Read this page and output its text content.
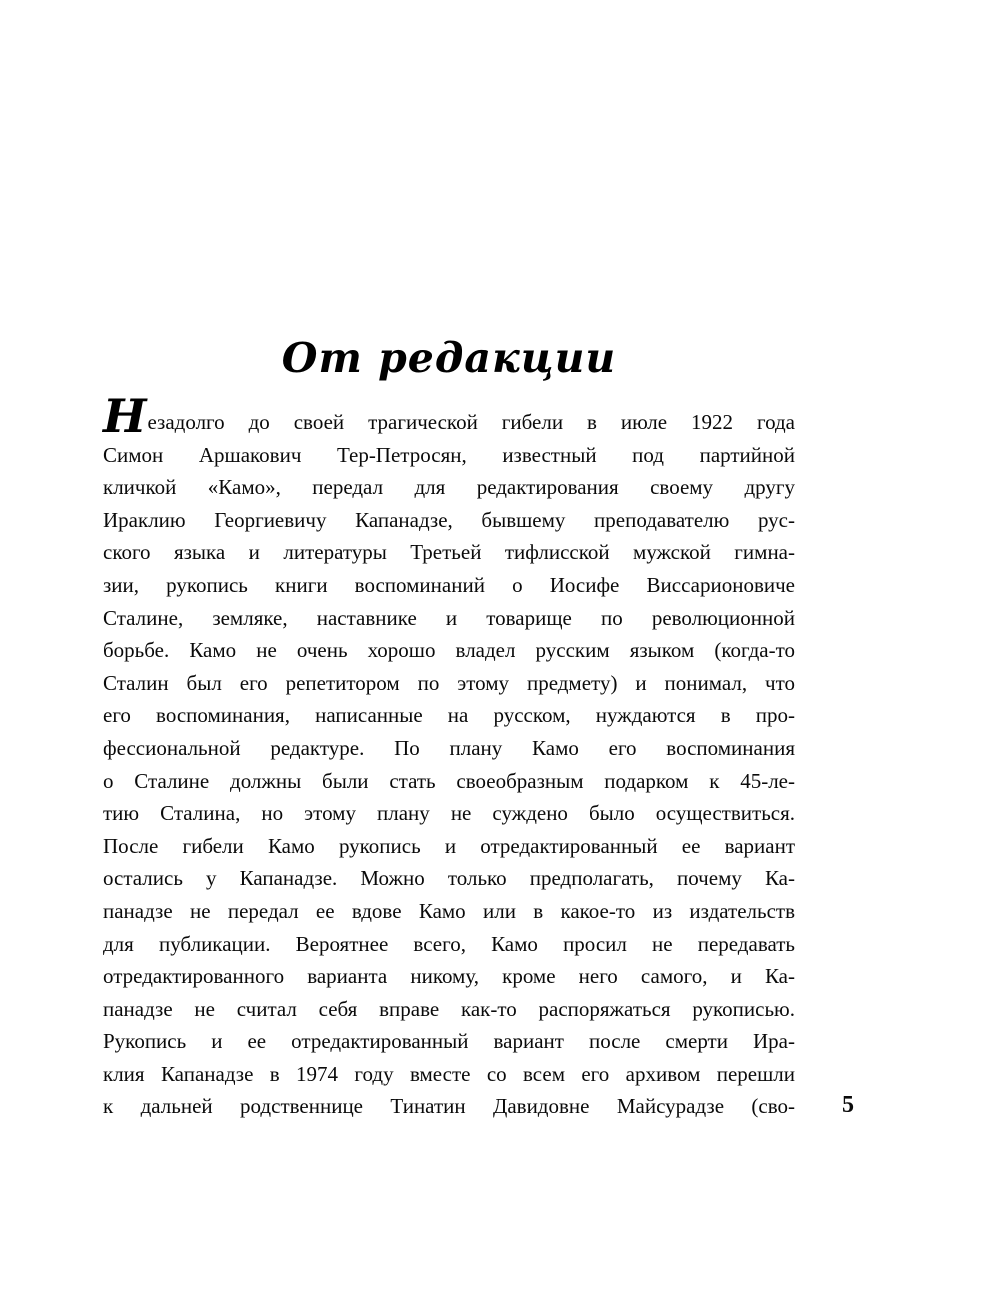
От редакции
Незадолго до своей трагической гибели в июле 1922 года
Симон Аршакович Тер-Петросян, известный под партийной
кличкой «Камо», передал для редактирования своему другу
Ираклию Георгиевичу Капанадзе, бывшему преподавателю рус-
ского языка и литературы Третьей тифлисской мужской гимна-
зии, рукопись книги воспоминаний о Иосифе Виссарионовиче
Сталине, земляке, наставнике и товарище по революционной
борьбе. Камо не очень хорошо владел русским языком (когда-то
Сталин был его репетитором по этому предмету) и понимал, что
его воспоминания, написанные на русском, нуждаются в про-
фессиональной редактуре. По плану Камо его воспоминания
о Сталине должны были стать своеобразным подарком к 45-ле-
тию Сталина, но этому плану не суждено было осуществиться.
После гибели Камо рукопись и отредактированный ее вариант
остались у Капанадзе. Можно только предполагать, почему Ка-
панадзе не передал ее вдове Камо или в какое-то из издательств
для публикации. Вероятнее всего, Камо просил не передавать
отредактированного варианта никому, кроме него самого, и Ка-
панадзе не считал себя вправе как-то распоряжаться рукописью.
Рукопись и ее отредактированный вариант после смерти Ира-
клия Капанадзе в 1974 году вместе со всем его архивом перешли
к дальней родственнице Тинатин Давидовне Майсурадзе (сво- 5
